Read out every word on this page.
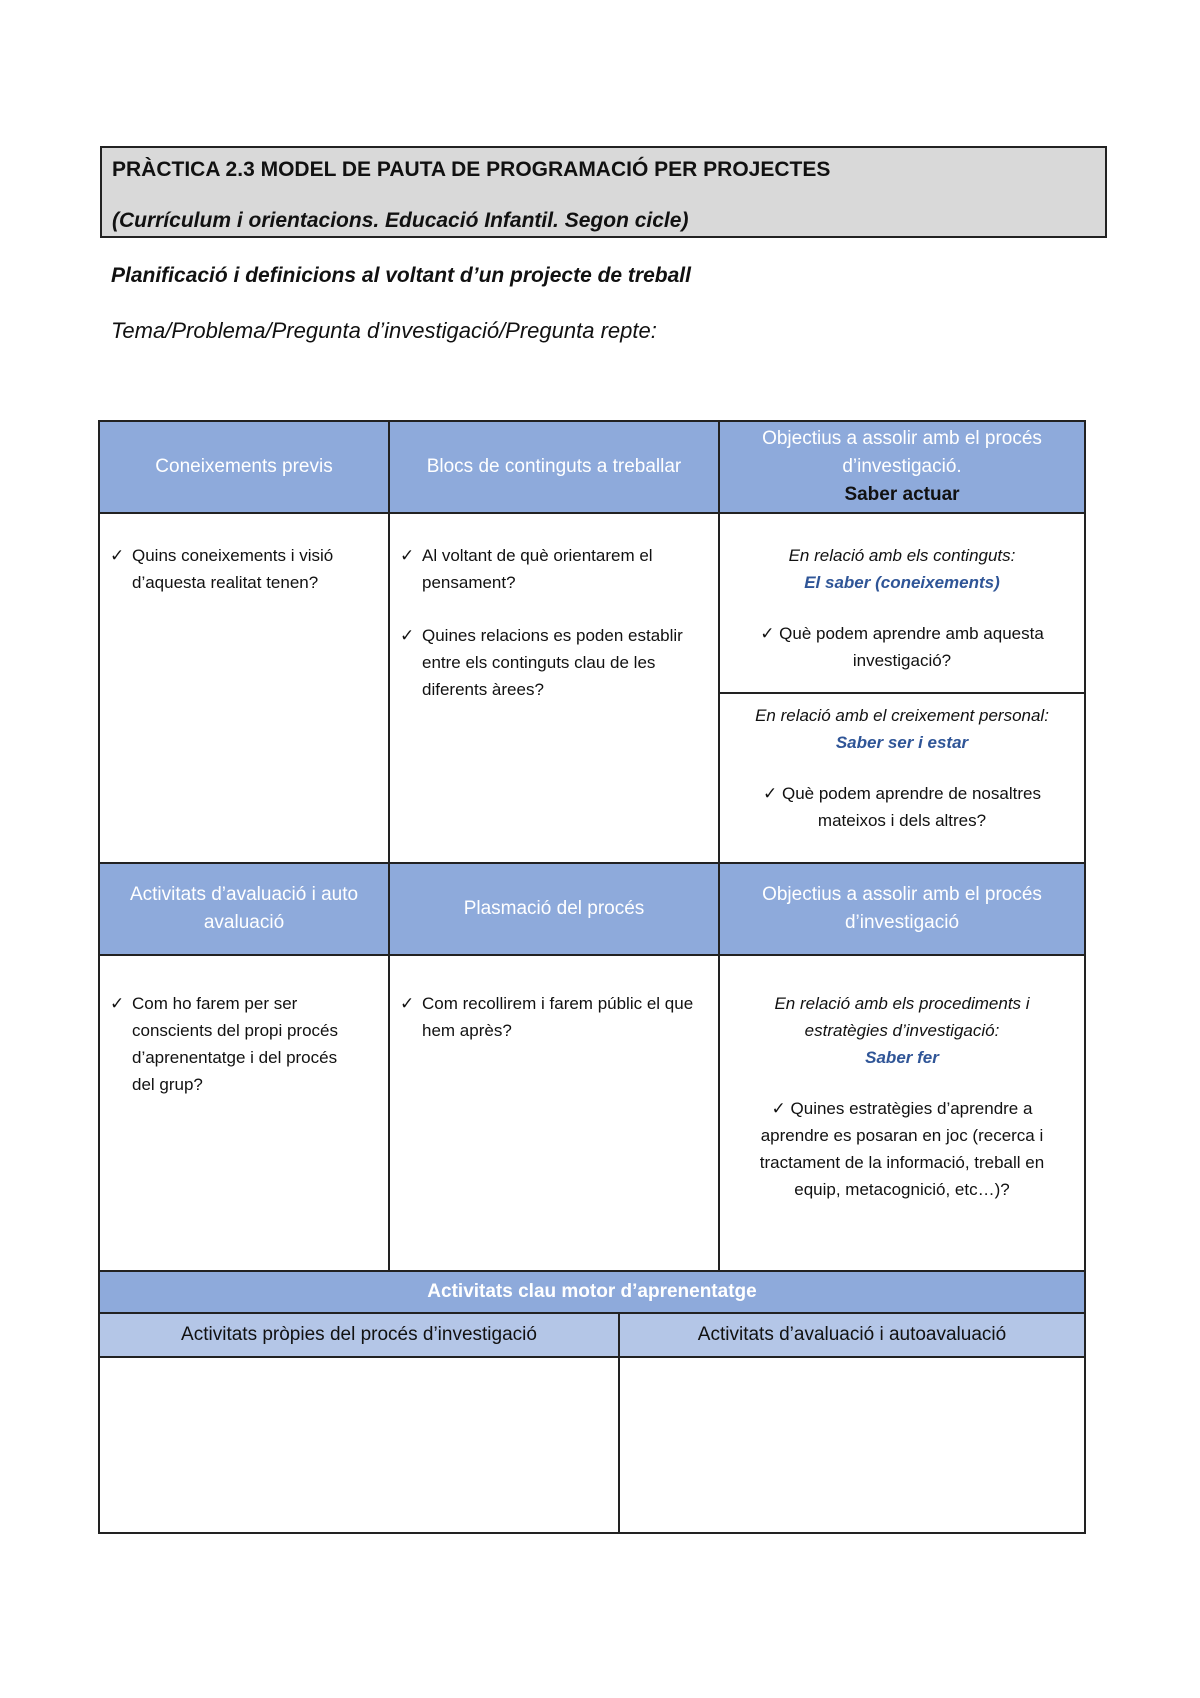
PRÀCTICA 2.3 MODEL DE PAUTA DE PROGRAMACIÓ PER PROJECTES
(Currículum i orientacions. Educació Infantil. Segon cicle)
Planificació i definicions al voltant d’un projecte de treball
Tema/Problema/Pregunta d’investigació/Pregunta repte:
Coneixements previs	Blocs de continguts a treballar
Objectius a assolir amb el procés d’investigació.
Saber actuar
✓ Quins coneixements i visió d’aquesta realitat tenen?
✓ Al voltant de què orientarem el pensament?
✓ Quines relacions es poden establir entre els continguts clau de les diferents àrees?
En relació amb els continguts:
El saber (coneixements)
✓ Què podem aprendre amb aquesta investigació?
En relació amb el creixement personal:
Saber ser i estar
✓ Què podem aprendre de nosaltres mateixos i dels altres?
Activitats d’avaluació i auto avaluació
Plasmació del procés
Objectius a assolir amb el procés d’investigació
✓ Com ho farem per ser conscients del propi procés d’aprenentatge i del procés del grup?
✓ Com recollirem i farem públic el que hem après?
En relació amb els procediments i estratègies d’investigació:
Saber fer
✓ Quines estratègies d’aprendre a aprendre es posaran en joc (recerca i tractament de la informació, treball en equip, metacognició, etc…)?
Activitats clau motor d’aprenentatge
Activitats pròpies del procés d’investigació	Activitats d’avaluació i autoavaluació
